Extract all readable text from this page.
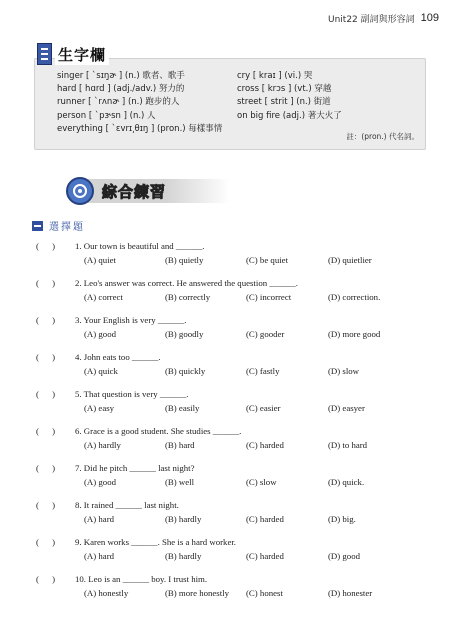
Unit22 副詞與形容詞 109
生字欄
singer [ ˋsɪŋɚ ] (n.) 歌者、歌手
hard [ hɑrd ] (adj./adv.) 努力的
runner [ ˋrʌnɚ ] (n.) 跑步的人
person [ ˋpɝsn ] (n.) 人
everything [ ˋɛvrɪ͵θɪŋ ] (pron.) 每樣事情
cry [ kraɪ ] (vi.) 哭
cross [ krɔs ] (vt.) 穿越
street [ strit ] (n.) 街道
on big fire (adj.) 著大火了
註：(pron.) 代名詞。
綜合練習
選擇題
(      )	1. Our town is beautiful and ______.
(A) quiet	(B) quietly	(C) be quiet	(D) quietlier
(      )	2. Leo's answer was correct. He answered the question ______.
(A) correct	(B) correctly	(C) incorrect	(D) correction.
(      )	3. Your English is very ______.
(A) good	(B) goodly	(C) gooder	(D) more good
(      )	4. John eats too ______.
(A) quick	(B) quickly	(C) fastly	(D) slow
(      )	5. That question is very ______.
(A) easy	(B) easily	(C) easier	(D) easyer
(      )	6. Grace is a good student. She studies ______.
(A) hardly	(B) hard	(C) harded	(D) to hard
(      )	7. Did he pitch ______ last night?
(A) good	(B) well	(C) slow	(D) quick.
(      )	8. It rained ______ last night.
(A) hard	(B) hardly	(C) harded	(D) big.
(      )	9. Karen works ______. She is a hard worker.
(A) hard	(B) hardly	(C) harded	(D) good
(      )	10. Leo is an ______ boy. I trust him.
(A) honestly	(B) more honestly	(C) honest	(D) honester
